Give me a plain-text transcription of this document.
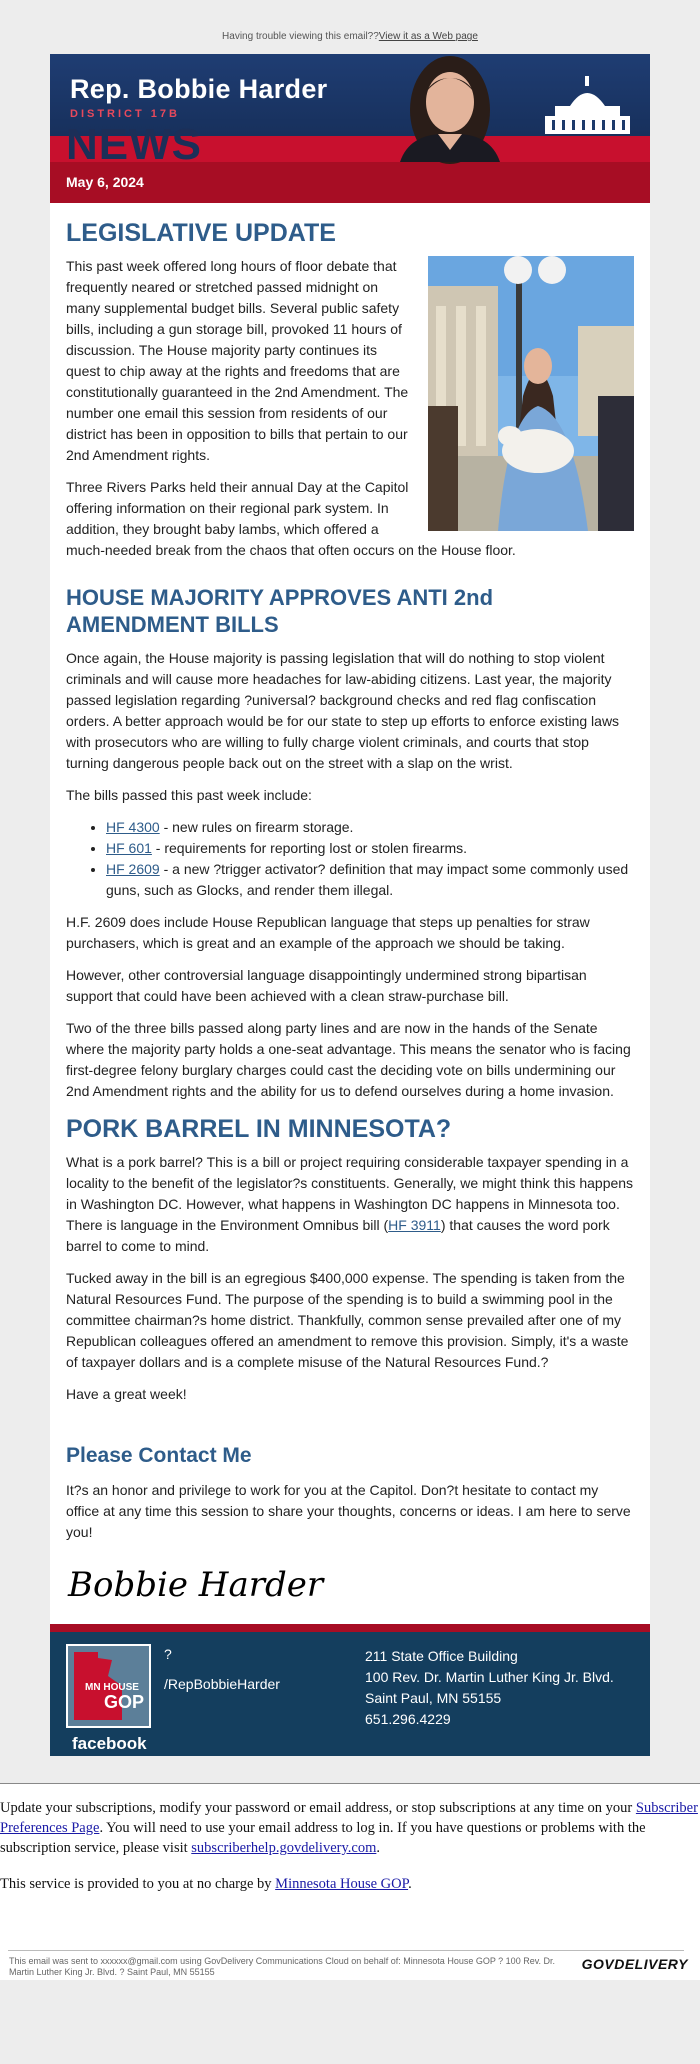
Having trouble viewing this email??View it as a Web page
Rep. Bobbie Harder
DISTRICT 17B
NEWS
May 6, 2024
LEGISLATIVE UPDATE

This past week offered long hours of floor debate that frequently neared or stretched passed midnight on many supplemental budget bills. Several public safety bills, including a gun storage bill, provoked 11 hours of discussion. The House majority party continues its quest to chip away at the rights and freedoms that are constitutionally guaranteed in the 2nd Amendment. The number one email this session from residents of our district has been in opposition to bills that pertain to our 2nd Amendment rights.

Three Rivers Parks held their annual Day at the Capitol offering information on their regional park system. In addition, they brought baby lambs, which offered a much-needed break from the chaos that often occurs on the House floor.

HOUSE MAJORITY APPROVES ANTI 2nd AMENDMENT BILLS

Once again, the House majority is passing legislation that will do nothing to stop violent criminals and will cause more headaches for law-abiding citizens. Last year, the majority passed legislation regarding ?universal? background checks and red flag confiscation orders. A better approach would be for our state to step up efforts to enforce existing laws with prosecutors who are willing to fully charge violent criminals, and courts that stop turning dangerous people back out on the street with a slap on the wrist.

The bills passed this past week include:

• HF 4300 - new rules on firearm storage.
• HF 601 - requirements for reporting lost or stolen firearms.
• HF 2609 - a new ?trigger activator? definition that may impact some commonly used guns, such as Glocks, and render them illegal.

H.F. 2609 does include House Republican language that steps up penalties for straw purchasers, which is great and an example of the approach we should be taking.

However, other controversial language disappointingly undermined strong bipartisan support that could have been achieved with a clean straw-purchase bill.

Two of the three bills passed along party lines and are now in the hands of the Senate where the majority party holds a one-seat advantage. This means the senator who is facing first-degree felony burglary charges could cast the deciding vote on bills undermining our 2nd Amendment rights and the ability for us to defend ourselves during a home invasion.

PORK BARREL IN MINNESOTA?

What is a pork barrel? This is a bill or project requiring considerable taxpayer spending in a locality to the benefit of the legislator?s constituents. Generally, we might think this happens in Washington DC. However, what happens in Washington DC happens in Minnesota too. There is language in the Environment Omnibus bill (HF 3911) that causes the word pork barrel to come to mind.

Tucked away in the bill is an egregious $400,000 expense. The spending is taken from the Natural Resources Fund. The purpose of the spending is to build a swimming pool in the committee chairman?s home district. Thankfully, common sense prevailed after one of my Republican colleagues offered an amendment to remove this provision. Simply, it's a waste of taxpayer dollars and is a complete misuse of the Natural Resources Fund.?

Have a great week!

Please Contact Me

It?s an honor and privilege to work for you at the Capitol. Don?t hesitate to contact my office at any time this session to share your thoughts, concerns or ideas. I am here to serve you!

Bobbie Harder
MN HOUSE
GOP
facebook
?
/RepBobbieHarder
211 State Office Building
100 Rev. Dr. Martin Luther King Jr. Blvd.
Saint Paul, MN 55155
651.296.4229

Update your subscriptions, modify your password or email address, or stop subscriptions at any time on your Subscriber Preferences Page. You will need to use your email address to log in. If you have questions or problems with the subscription service, please visit subscriberhelp.govdelivery.com.

This service is provided to you at no charge by Minnesota House GOP.

This email was sent to xxxxxx@gmail.com using GovDelivery Communications Cloud on behalf of: Minnesota House GOP ? 100 Rev. Dr. Martin Luther King Jr. Blvd. ? Saint Paul, MN 55155	GOVDELIVERY
